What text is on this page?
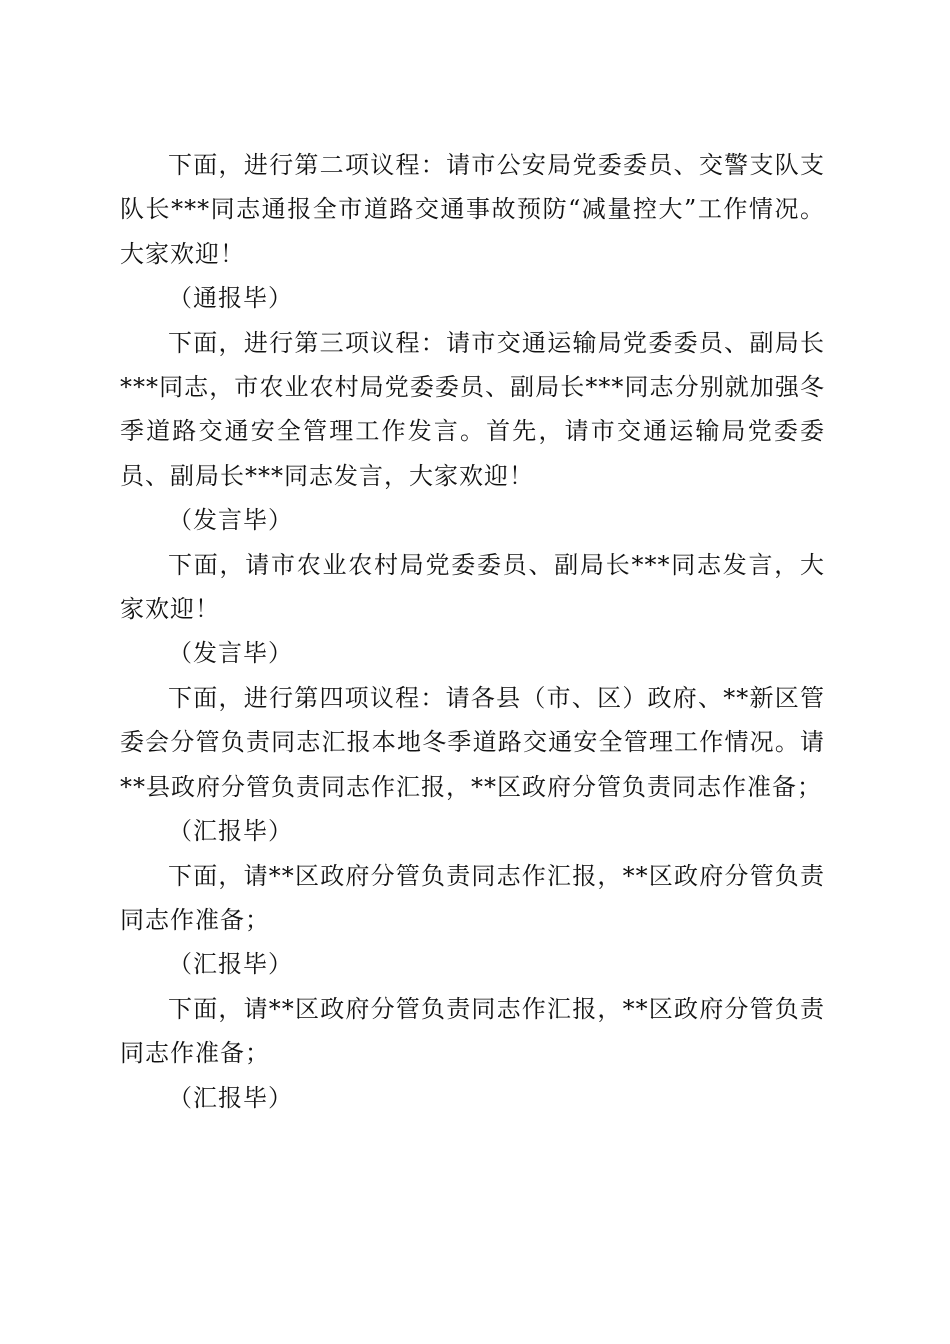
下面，进行第二项议程：请市公安局党委委员、交警支队支队长***同志通报全市道路交通事故预防“减量控大”工作情况。大家欢迎！

（通报毕）

下面，进行第三项议程：请市交通运输局党委委员、副局长***同志，市农业农村局党委委员、副局长***同志分别就加强冬季道路交通安全管理工作发言。首先，请市交通运输局党委委员、副局长***同志发言，大家欢迎！

（发言毕）

下面，请市农业农村局党委委员、副局长***同志发言，大家欢迎！

（发言毕）

下面，进行第四项议程：请各县（市、区）政府、**新区管委会分管负责同志汇报本地冬季道路交通安全管理工作情况。请**县政府分管负责同志作汇报，**区政府分管负责同志作准备；

（汇报毕）

下面，请**区政府分管负责同志作汇报，**区政府分管负责同志作准备；

（汇报毕）

下面，请**区政府分管负责同志作汇报，**区政府分管负责同志作准备；

（汇报毕）
